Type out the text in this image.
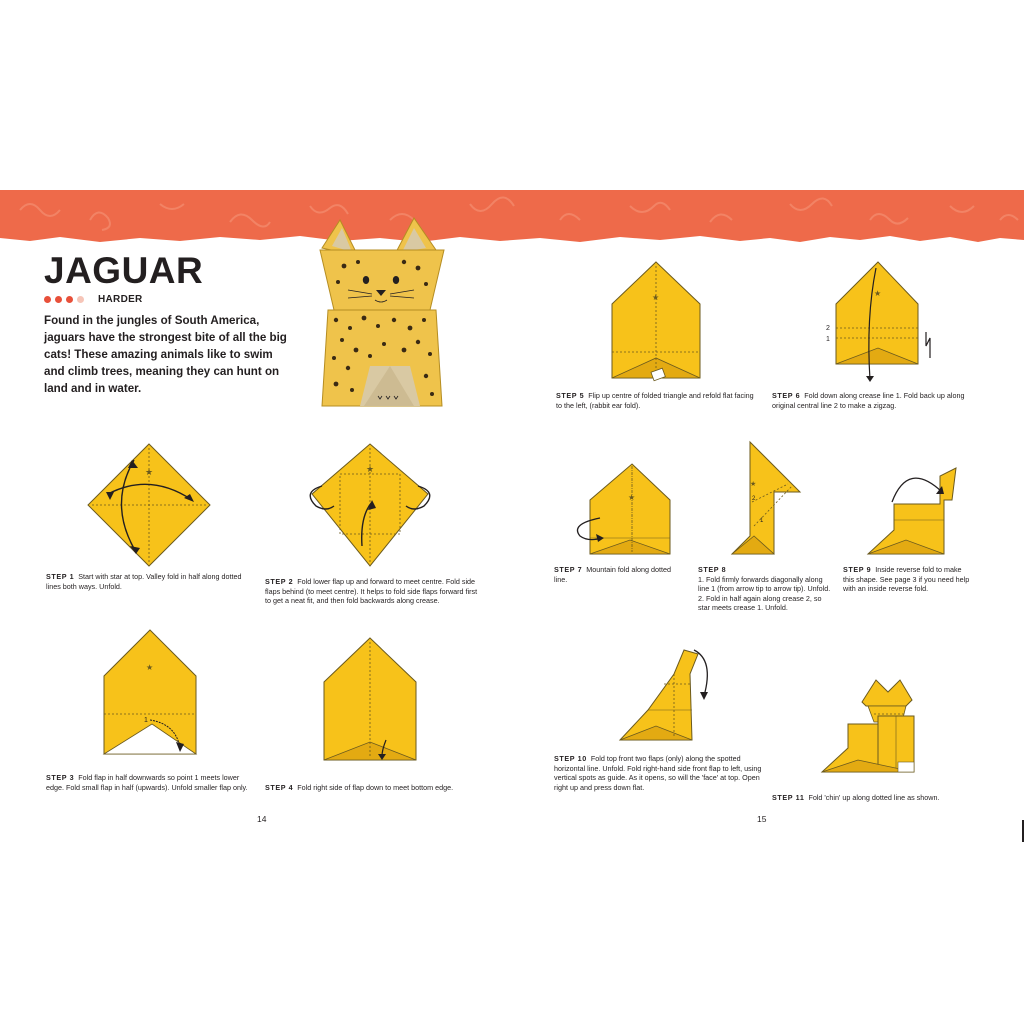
JAGUAR
HARDER

Found in the jungles of South America, jaguars have the strongest bite of all the big cats! These amazing animals like to swim and climb trees, meaning they can hunt on land and in water.

★

STEP 1 Start with star at top. Valley fold in half along dotted lines both ways. Unfold.

★

STEP 2 Fold lower flap up and forward to meet centre. Fold side flaps behind (to meet centre). It helps to fold side flaps forward first to get a neat fit, and then fold backwards along crease.

★
1

STEP 3 Fold flap in half downwards so point 1 meets lower edge. Fold small flap in half (upwards). Unfold smaller flap only.	STEP 4 Fold right side of flap down to meet bottom edge.

★

STEP 5 Flip up centre of folded triangle and refold flat facing to the left, (rabbit ear fold).

2
1
★

STEP 6 Fold down along crease line 1. Fold back up along original central line 2 to make a zigzag.

★

STEP 7 Mountain fold along dotted line.

★
2
1
STEP 8
1. Fold firmly forwards diagonally along line 1 (from arrow tip to arrow tip). Unfold.
2. Fold in half again along crease 2, so star meets crease 1. Unfold.

STEP 9 Inside reverse fold to make this shape. See page 3 if you need help with an inside reverse fold.

STEP 10 Fold top front two flaps (only) along the spotted horizontal line. Unfold. Fold right-hand side front flap to left, using vertical spots as guide. As it opens, so will the 'face' at top. Open right up and press down flat.

STEP 11 Fold 'chin' up along dotted line as shown.

14	15
